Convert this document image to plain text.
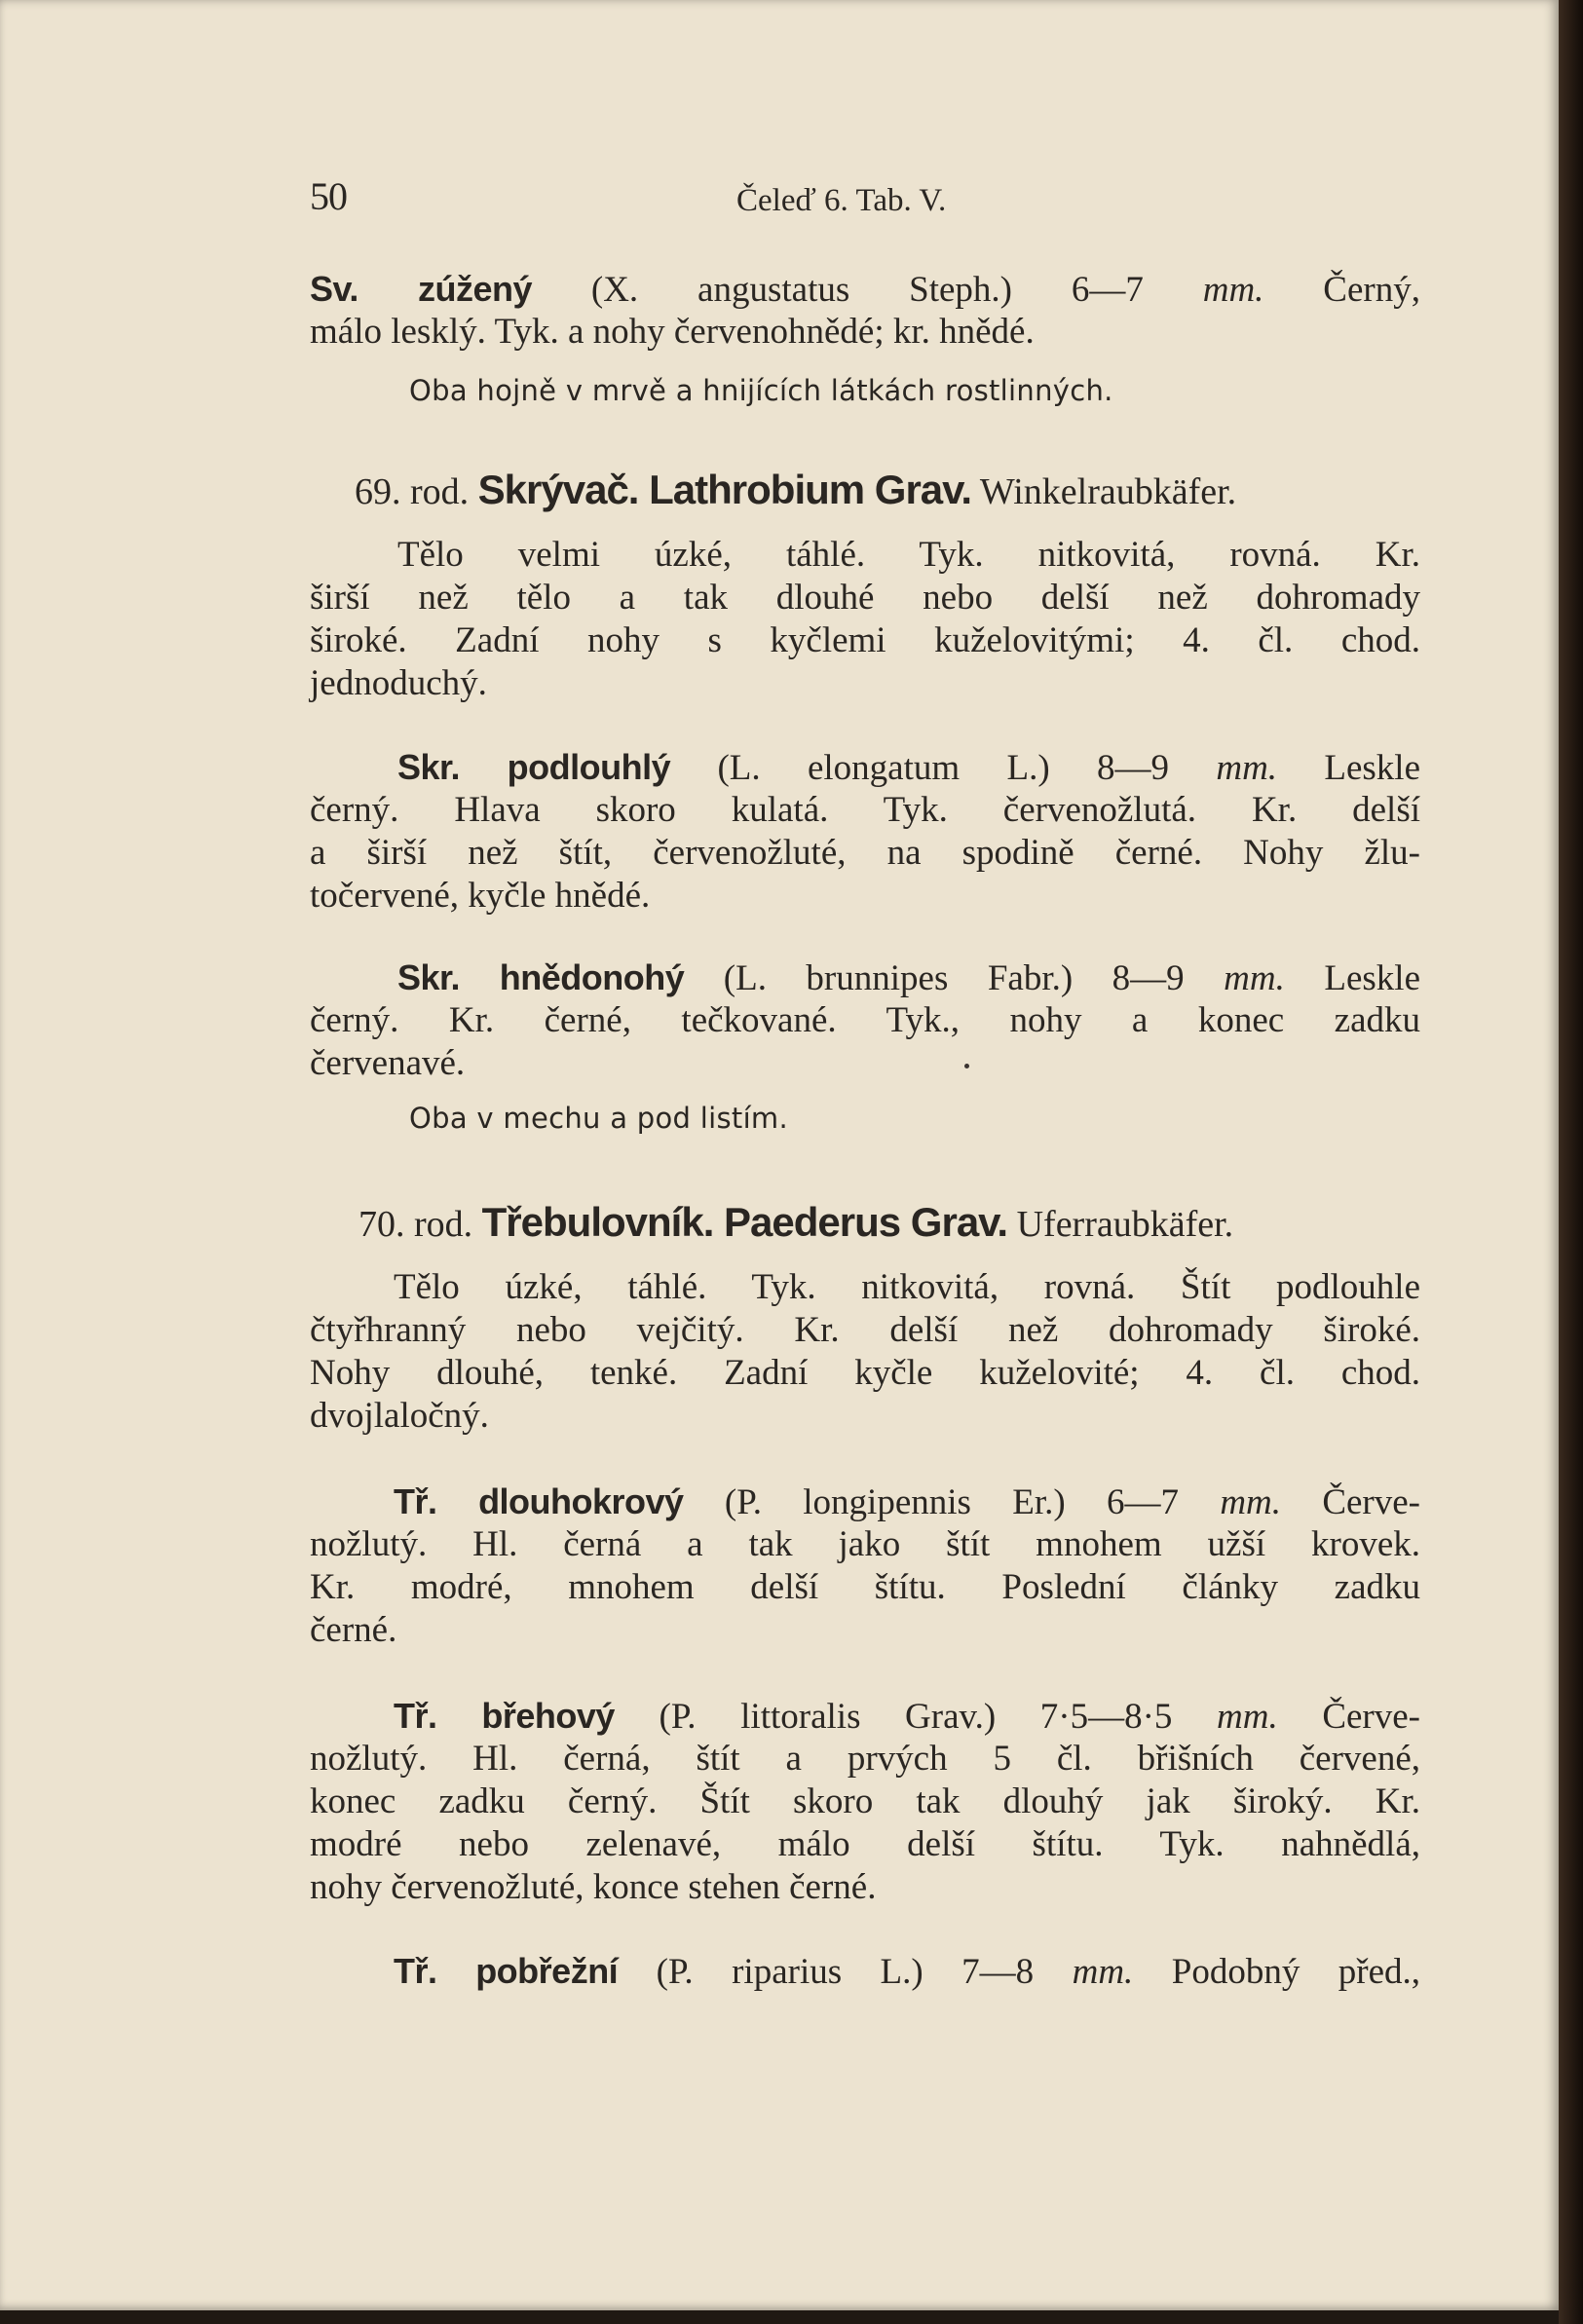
50	Čeleď 6. Tab. V.
Sv. zúžený (X. angustatus Steph.) 6—7 mm. Černý,
málo lesklý. Tyk. a nohy červenohnědé; kr. hnědé.
Oba hojně v mrvě a hnijících látkách rostlinných.
69. rod. Skrývač. Lathrobium Grav. Winkelraubkäfer.
Tělo velmi úzké, táhlé. Tyk. nitkovitá, rovná. Kr.
širší než tělo a tak dlouhé nebo delší než dohromady
široké. Zadní nohy s kyčlemi kuželovitými; 4. čl. chod.
jednoduchý.
Skr. podlouhlý (L. elongatum L.) 8—9 mm. Leskle
černý. Hlava skoro kulatá. Tyk. červenožlutá. Kr. delší
a širší než štít, červenožluté, na spodině černé. Nohy žlu-
točervené, kyčle hnědé.
Skr. hnědonohý (L. brunnipes Fabr.) 8—9 mm. Leskle
černý. Kr. černé, tečkované. Tyk., nohy a konec zadku
červenavé.
Oba v mechu a pod listím.
70. rod. Třebulovník. Paederus Grav. Uferraubkäfer.
Tělo úzké, táhlé. Tyk. nitkovitá, rovná. Štít podlouhle
čtyřhranný nebo vejčitý. Kr. delší než dohromady široké.
Nohy dlouhé, tenké. Zadní kyčle kuželovité; 4. čl. chod.
dvojlaločný.
Tř. dlouhokrový (P. longipennis Er.) 6—7 mm. Červe-
nožlutý. Hl. černá a tak jako štít mnohem užší krovek.
Kr. modré, mnohem delší štítu. Poslední články zadku
černé.
Tř. břehový (P. littoralis Grav.) 7·5—8·5 mm. Červe-
nožlutý. Hl. černá, štít a prvých 5 čl. břišních červené,
konec zadku černý. Štít skoro tak dlouhý jak široký. Kr.
modré nebo zelenavé, málo delší štítu. Tyk. nahnědlá,
nohy červenožluté, konce stehen černé.
Tř. pobřežní (P. riparius L.) 7—8 mm. Podobný před.,
